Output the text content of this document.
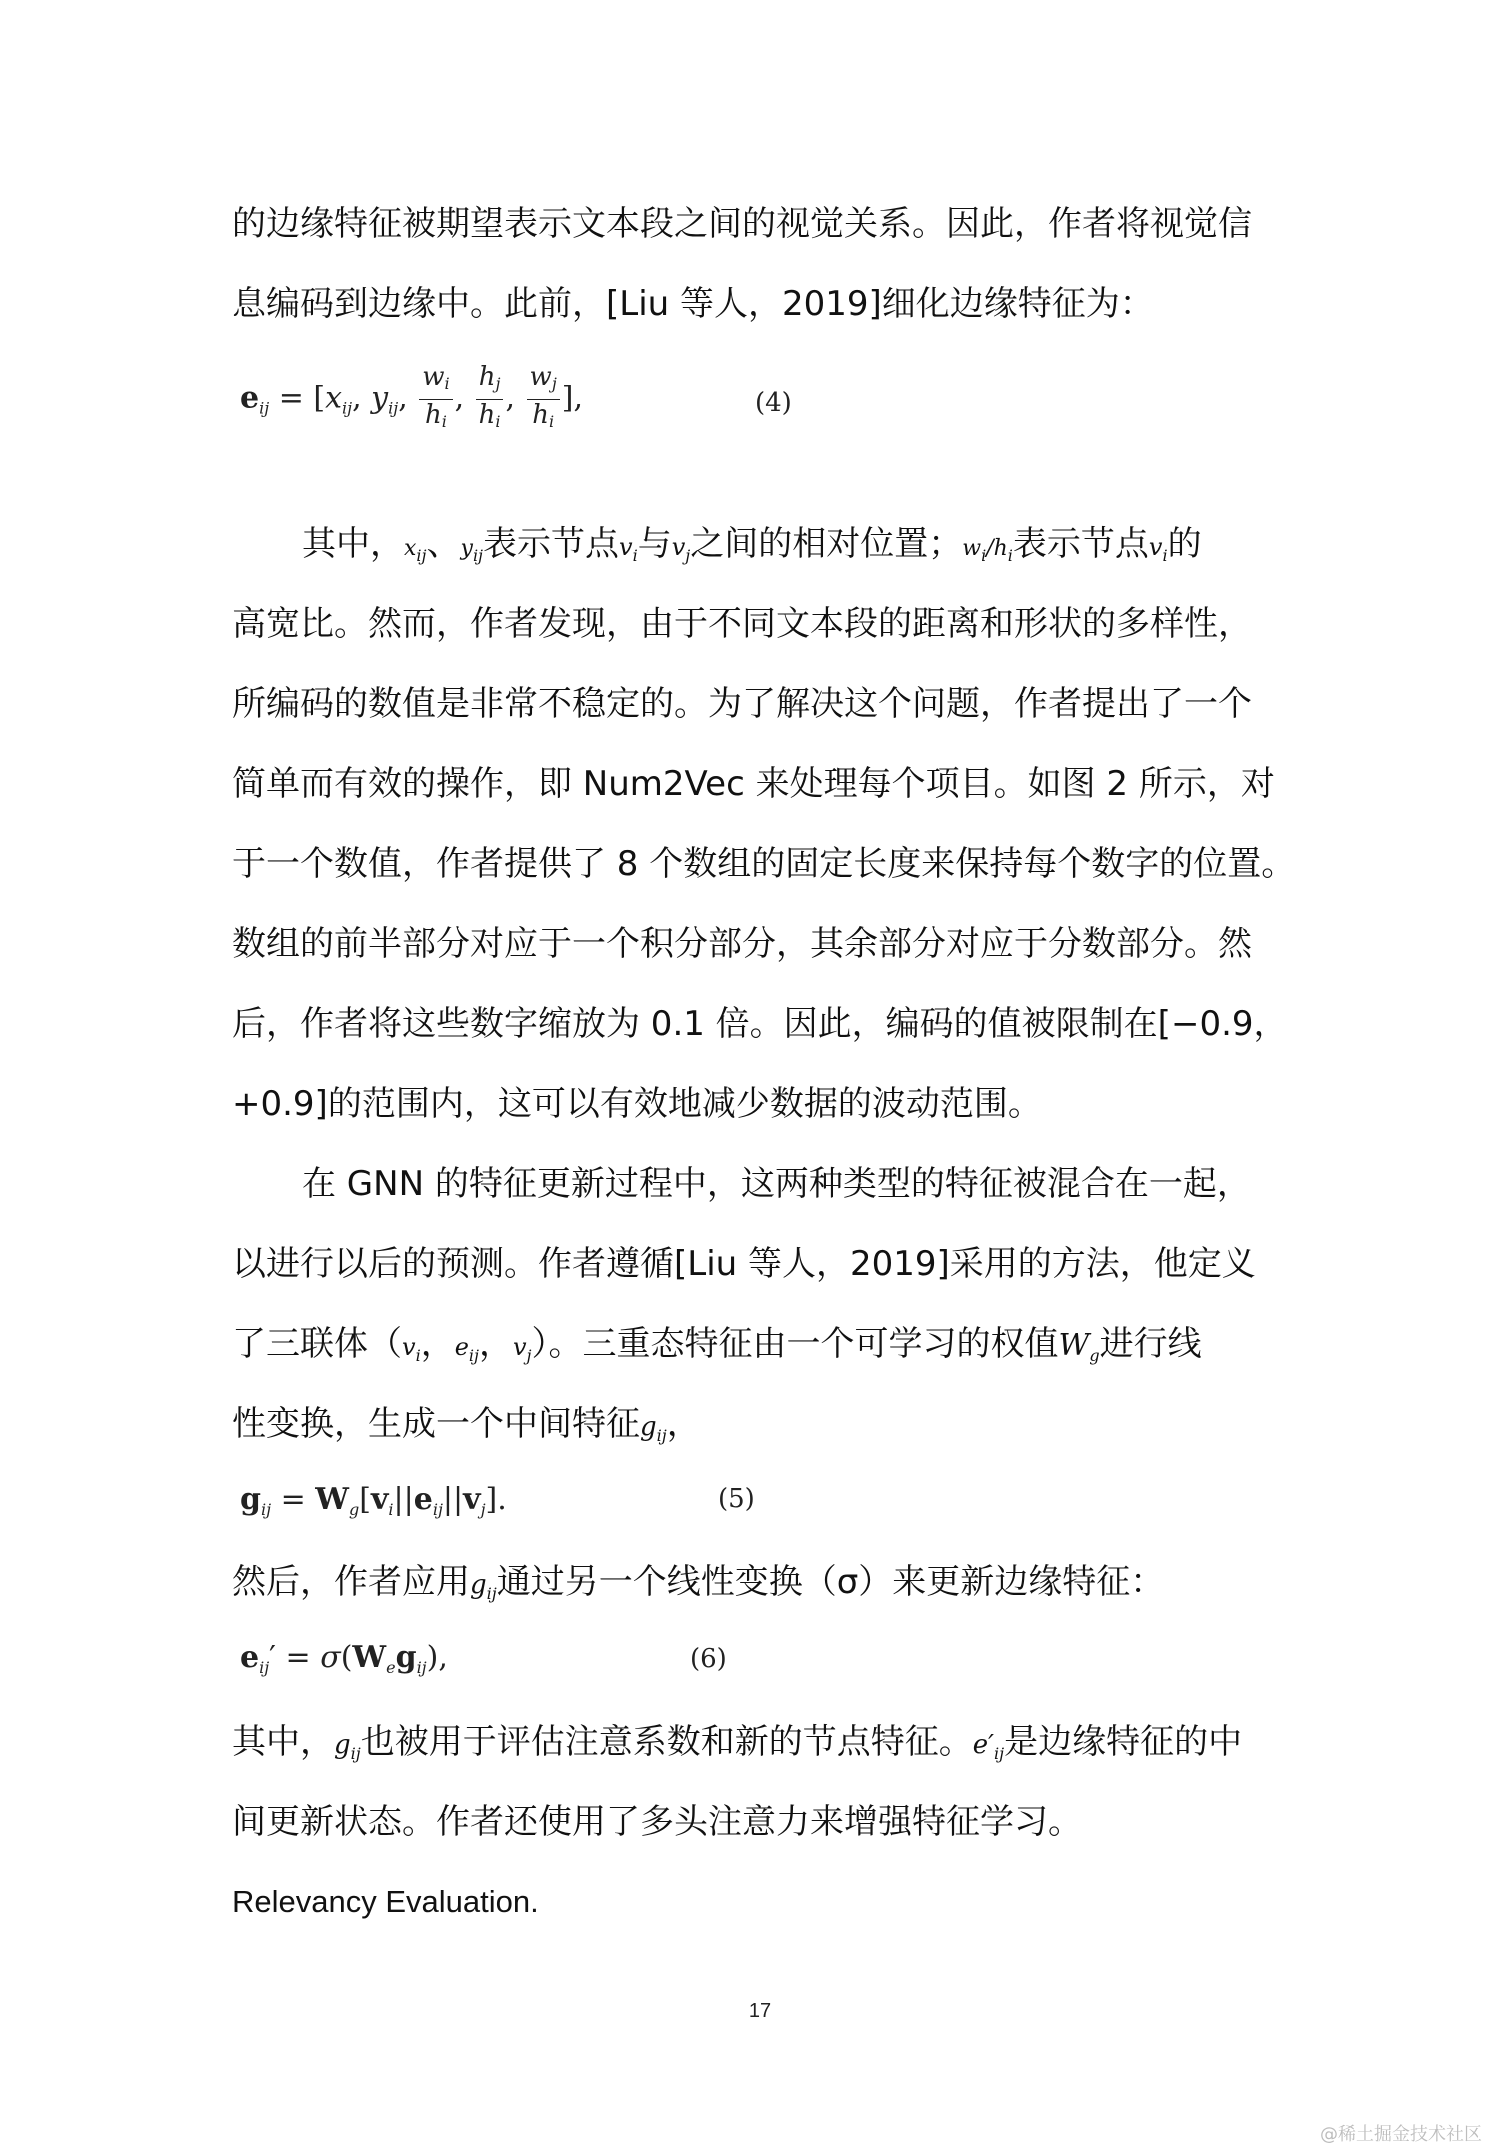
的边缘特征被期望表示文本段之间的视觉关系。因此，作者将视觉信
息编码到边缘中。此前，[Liu 等人，2019]细化边缘特征为：
$e_{ij} = [x_{ij}$, $y_{ij}$, $\frac{w_i}{h_i}$ , $\frac{h_j}{h_i}$ , $\frac{w_j}{h_i}$ ],	(4)
其中，$x_{ij}$、$y_{ij}$表示节点$v_i$与$v_j$之间的相对位置；$w_i/h_i$表示节点$v_i$的
高宽比。然而，作者发现，由于不同文本段的距离和形状的多样性，
所编码的数值是非常不稳定的。为了解决这个问题，作者提出了一个
简单而有效的操作，即 Num2Vec 来处理每个项目。如图 2 所示，对
于一个数值，作者提供了 8 个数组的固定长度来保持每个数字的位置。
数组的前半部分对应于一个积分部分，其余部分对应于分数部分。然
后，作者将这些数字缩放为 0.1 倍。因此，编码的值被限制在[−0.9，
+0.9]的范围内，这可以有效地减少数据的波动范围。
在 GNN 的特征更新过程中，这两种类型的特征被混合在一起，
以进行以后的预测。作者遵循[Liu 等人，2019]采用的方法，他定义
了三联体（$v_i$，$e_{ij}$，$v_j$）。三重态特征由一个可学习的权值$W_g$进行线
性变换，生成一个中间特征$g_{ij}$，
$g_{ij} = W_g[v_i||e_{ij}||v_j]$.	(5)
然后，作者应用$g_{ij}$通过另一个线性变换（σ）来更新边缘特征：
$e_{ij}' = \sigma(W_eg_{ij})$,	(6)
其中，$g_{ij}$也被用于评估注意系数和新的节点特征。$e'_{ij}$是边缘特征的中
间更新状态。作者还使用了多头注意力来增强特征学习。
Relevancy Evaluation.
17
@稀土掘金技术社区
